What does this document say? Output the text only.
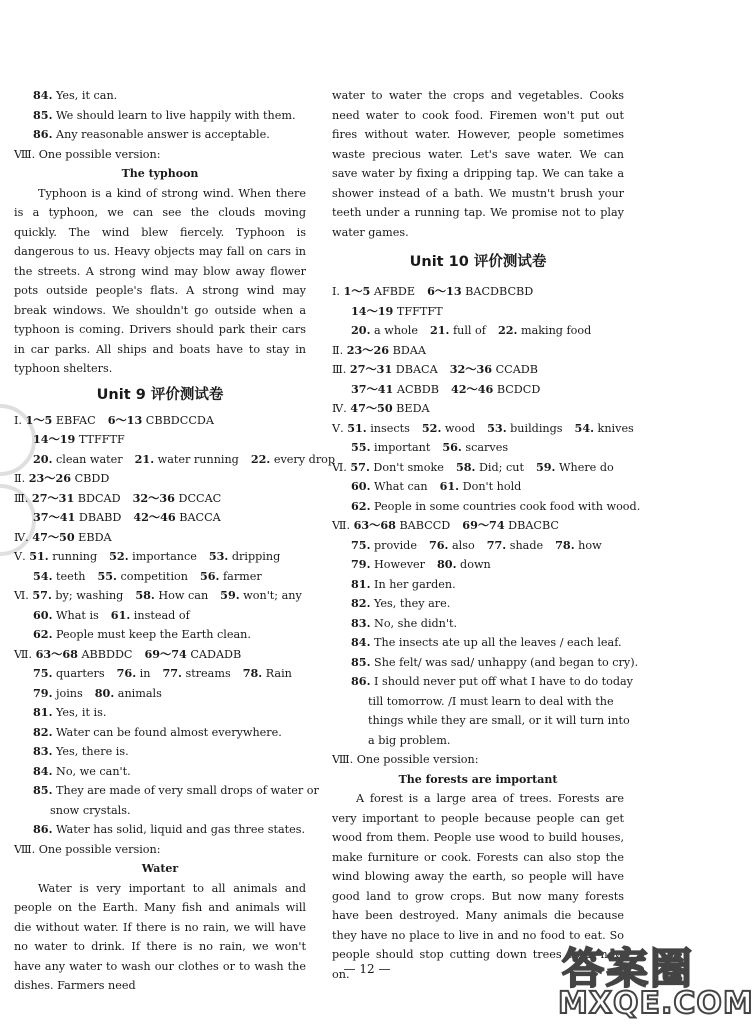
84. Yes, it can.
85. We should learn to live happily with them.
86. Any reasonable answer is acceptable.
Ⅷ. One possible version:
The typhoon

Typhoon is a kind of strong wind. When there is a typhoon, we can see the clouds moving quickly. The wind blew fiercely. Typhoon is dangerous to us. Heavy objects may fall on cars in the streets. A strong wind may blow away flower pots outside people's flats. A strong wind may break windows. We shouldn't go outside when a typhoon is coming. Drivers should park their cars in car parks. All ships and boats have to stay in typhoon shelters.

Unit 9 评价测试卷
Ⅰ. 1～5 EBFAC 6～13 CBBDCCDA
14～19 TTFFTF
20. clean water 21. water running 22. every drop
Ⅱ. 23～26 CBDD
Ⅲ. 27～31 BDCAD 32～36 DCCAC
37～41 DBABD 42～46 BACCA
Ⅳ. 47～50 EBDA
Ⅴ. 51. running 52. importance 53. dripping
54. teeth 55. competition 56. farmer
Ⅵ. 57. by; washing 58. How can 59. won't; any
60. What is 61. instead of
62. People must keep the Earth clean.
Ⅶ. 63～68 ABBDDC 69～74 CADADB
75. quarters 76. in 77. streams 78. Rain
79. joins 80. animals
81. Yes, it is.
82. Water can be found almost everywhere.
83. Yes, there is.
84. No, we can't.
85. They are made of very small drops of water or
snow crystals.
86. Water has solid, liquid and gas three states.
Ⅷ. One possible version:
Water

Water is very important to all animals and people on the Earth. Many fish and animals will die without water. If there is no rain, we will have no water to drink. If there is no rain, we won't have any water to wash our clothes or to wash the dishes. Farmers need

water to water the crops and vegetables. Cooks need water to cook food. Firemen won't put out fires without water. However, people sometimes waste precious water. Let's save water. We can save water by fixing a dripping tap. We can take a shower instead of a bath. We mustn't brush your teeth under a running tap. We promise not to play water games.

Unit 10 评价测试卷
Ⅰ. 1～5 AFBDE 6～13 BACDBCBD
14～19 TFFTFT
20. a whole 21. full of 22. making food
Ⅱ. 23～26 BDAA
Ⅲ. 27～31 DBACA 32～36 CCADB
37～41 ACBDB 42～46 BCDCD
Ⅳ. 47～50 BEDA
Ⅴ. 51. insects 52. wood 53. buildings 54. knives
55. important 56. scarves
Ⅵ. 57. Don't smoke 58. Did; cut 59. Where do
60. What can 61. Don't hold
62. People in some countries cook food with wood.
Ⅶ. 63～68 BABCCD 69～74 DBACBC
75. provide 76. also 77. shade 78. how
79. However 80. down
81. In her garden.
82. Yes, they are.
83. No, she didn't.
84. The insects ate up all the leaves / each leaf.
85. She felt/ was sad/ unhappy (and began to cry).
86. I should never put off what I have to do today
till tomorrow. /I must learn to deal with the
things while they are small, or it will turn into
a big problem.
Ⅷ. One possible version:
The forests are important

A forest is a large area of trees. Forests are very important to people because people can get wood from them. People use wood to build houses, make furniture or cook. Forests can also stop the wind blowing away the earth, so people will have good land to grow crops. But now many forests have been destroyed. Many animals die because they have no place to live in and no food to eat. So people should stop cutting down trees from now on.

— 12 —	答案圈
MXQE.COM
